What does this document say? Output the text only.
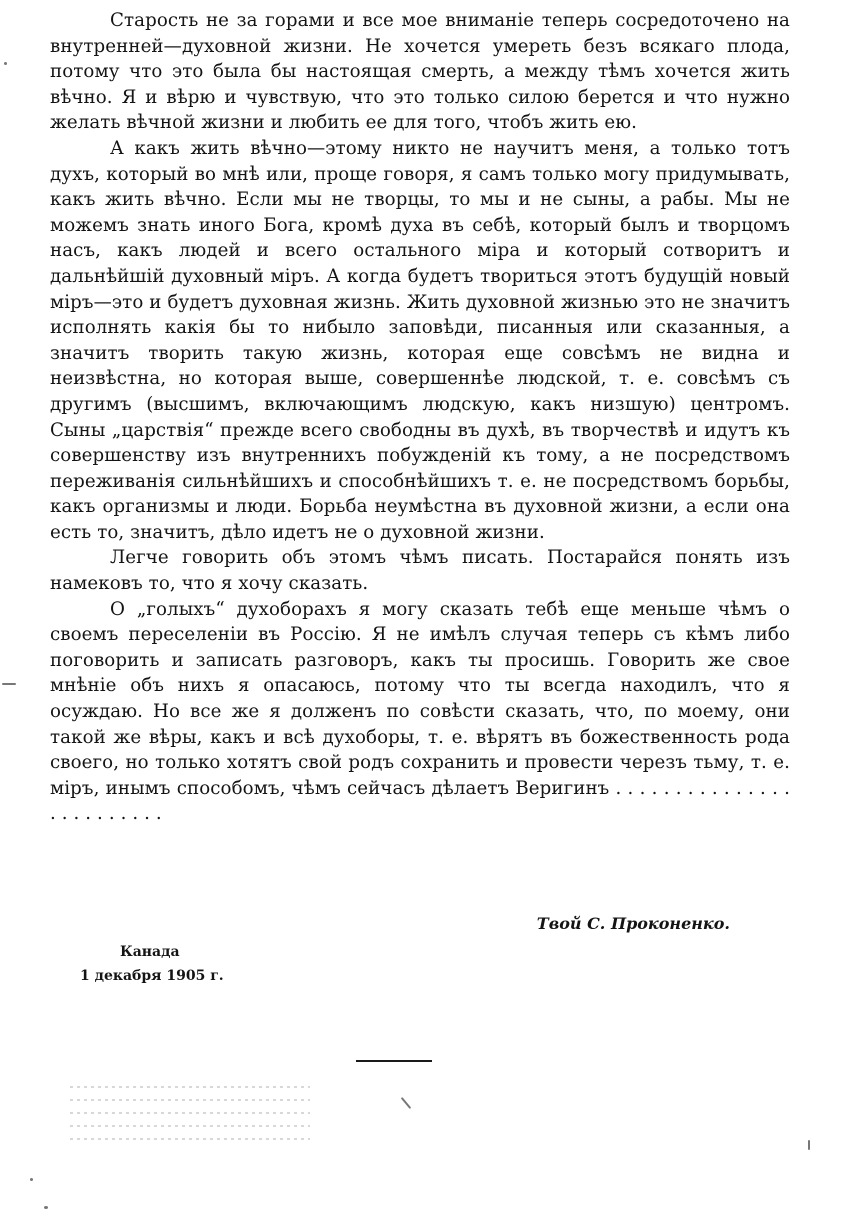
Старость не за горами и все мое вниманіе теперь сосредоточено на внутренней—духовной жизни. Не хочется умереть безъ всякаго плода, потому что это была бы настоящая смерть, а между тѣмъ хочется жить вѣчно. Я и вѣрю и чувствую, что это только силою берется и что нужно желать вѣчной жизни и любить ее для того, чтобъ жить ею.

А какъ жить вѣчно—этому никто не научитъ меня, а только тотъ духъ, который во мнѣ или, проще говоря, я самъ только могу придумывать, какъ жить вѣчно. Если мы не творцы, то мы и не сыны, а рабы. Мы не можемъ знать иного Бога, кромѣ духа въ себѣ, который былъ и творцомъ насъ, какъ людей и всего остального міра и который сотворитъ и дальнѣйшій духовный міръ. А когда будетъ твориться этотъ будущій новый міръ—это и будетъ духовная жизнь. Жить духовной жизнью это не значитъ исполнять какія бы то нибыло заповѣди, писанныя или сказанныя, а значитъ творить такую жизнь, которая еще совсѣмъ не видна и неизвѣстна, но которая выше, совершеннѣе людской, т. е. совсѣмъ съ другимъ (высшимъ, включающимъ людскую, какъ низшую) центромъ. Сыны „царствія“ прежде всего свободны въ духѣ, въ творчествѣ и идутъ къ совершенству изъ внутреннихъ побужденій къ тому, а не посредствомъ переживанія сильнѣйшихъ и способнѣйшихъ т. е. не посредствомъ борьбы, какъ организмы и люди. Борьба неумѣстна въ духовной жизни, а если она есть то, значитъ, дѣло идетъ не о духовной жизни.

Легче говорить объ этомъ чѣмъ писать. Постарайся понять изъ намековъ то, что я хочу сказать.

О „голыхъ“ духоборахъ я могу сказать тебѣ еще меньше чѣмъ о своемъ переселеніи въ Россію. Я не имѣлъ случая теперь съ кѣмъ либо поговорить и записать разговоръ, какъ ты просишь. Говорить же свое мнѣніе объ нихъ я опасаюсь, потому что ты всегда находилъ, что я осуждаю. Но все же я долженъ по совѣсти сказать, что, по моему, они такой же вѣры, какъ и всѣ духоборы, т. е. вѣрятъ въ божественность рода своего, но только хотятъ свой родъ сохранить и провести черезъ тьму, т. е. міръ, инымъ способомъ, чѣмъ сейчасъ дѣлаетъ Веригинъ . . . . . . . . . . . . . . . . . . . . . . . . .

Твой С. Проконенко.
Канада
1 декабря 1905 г.
